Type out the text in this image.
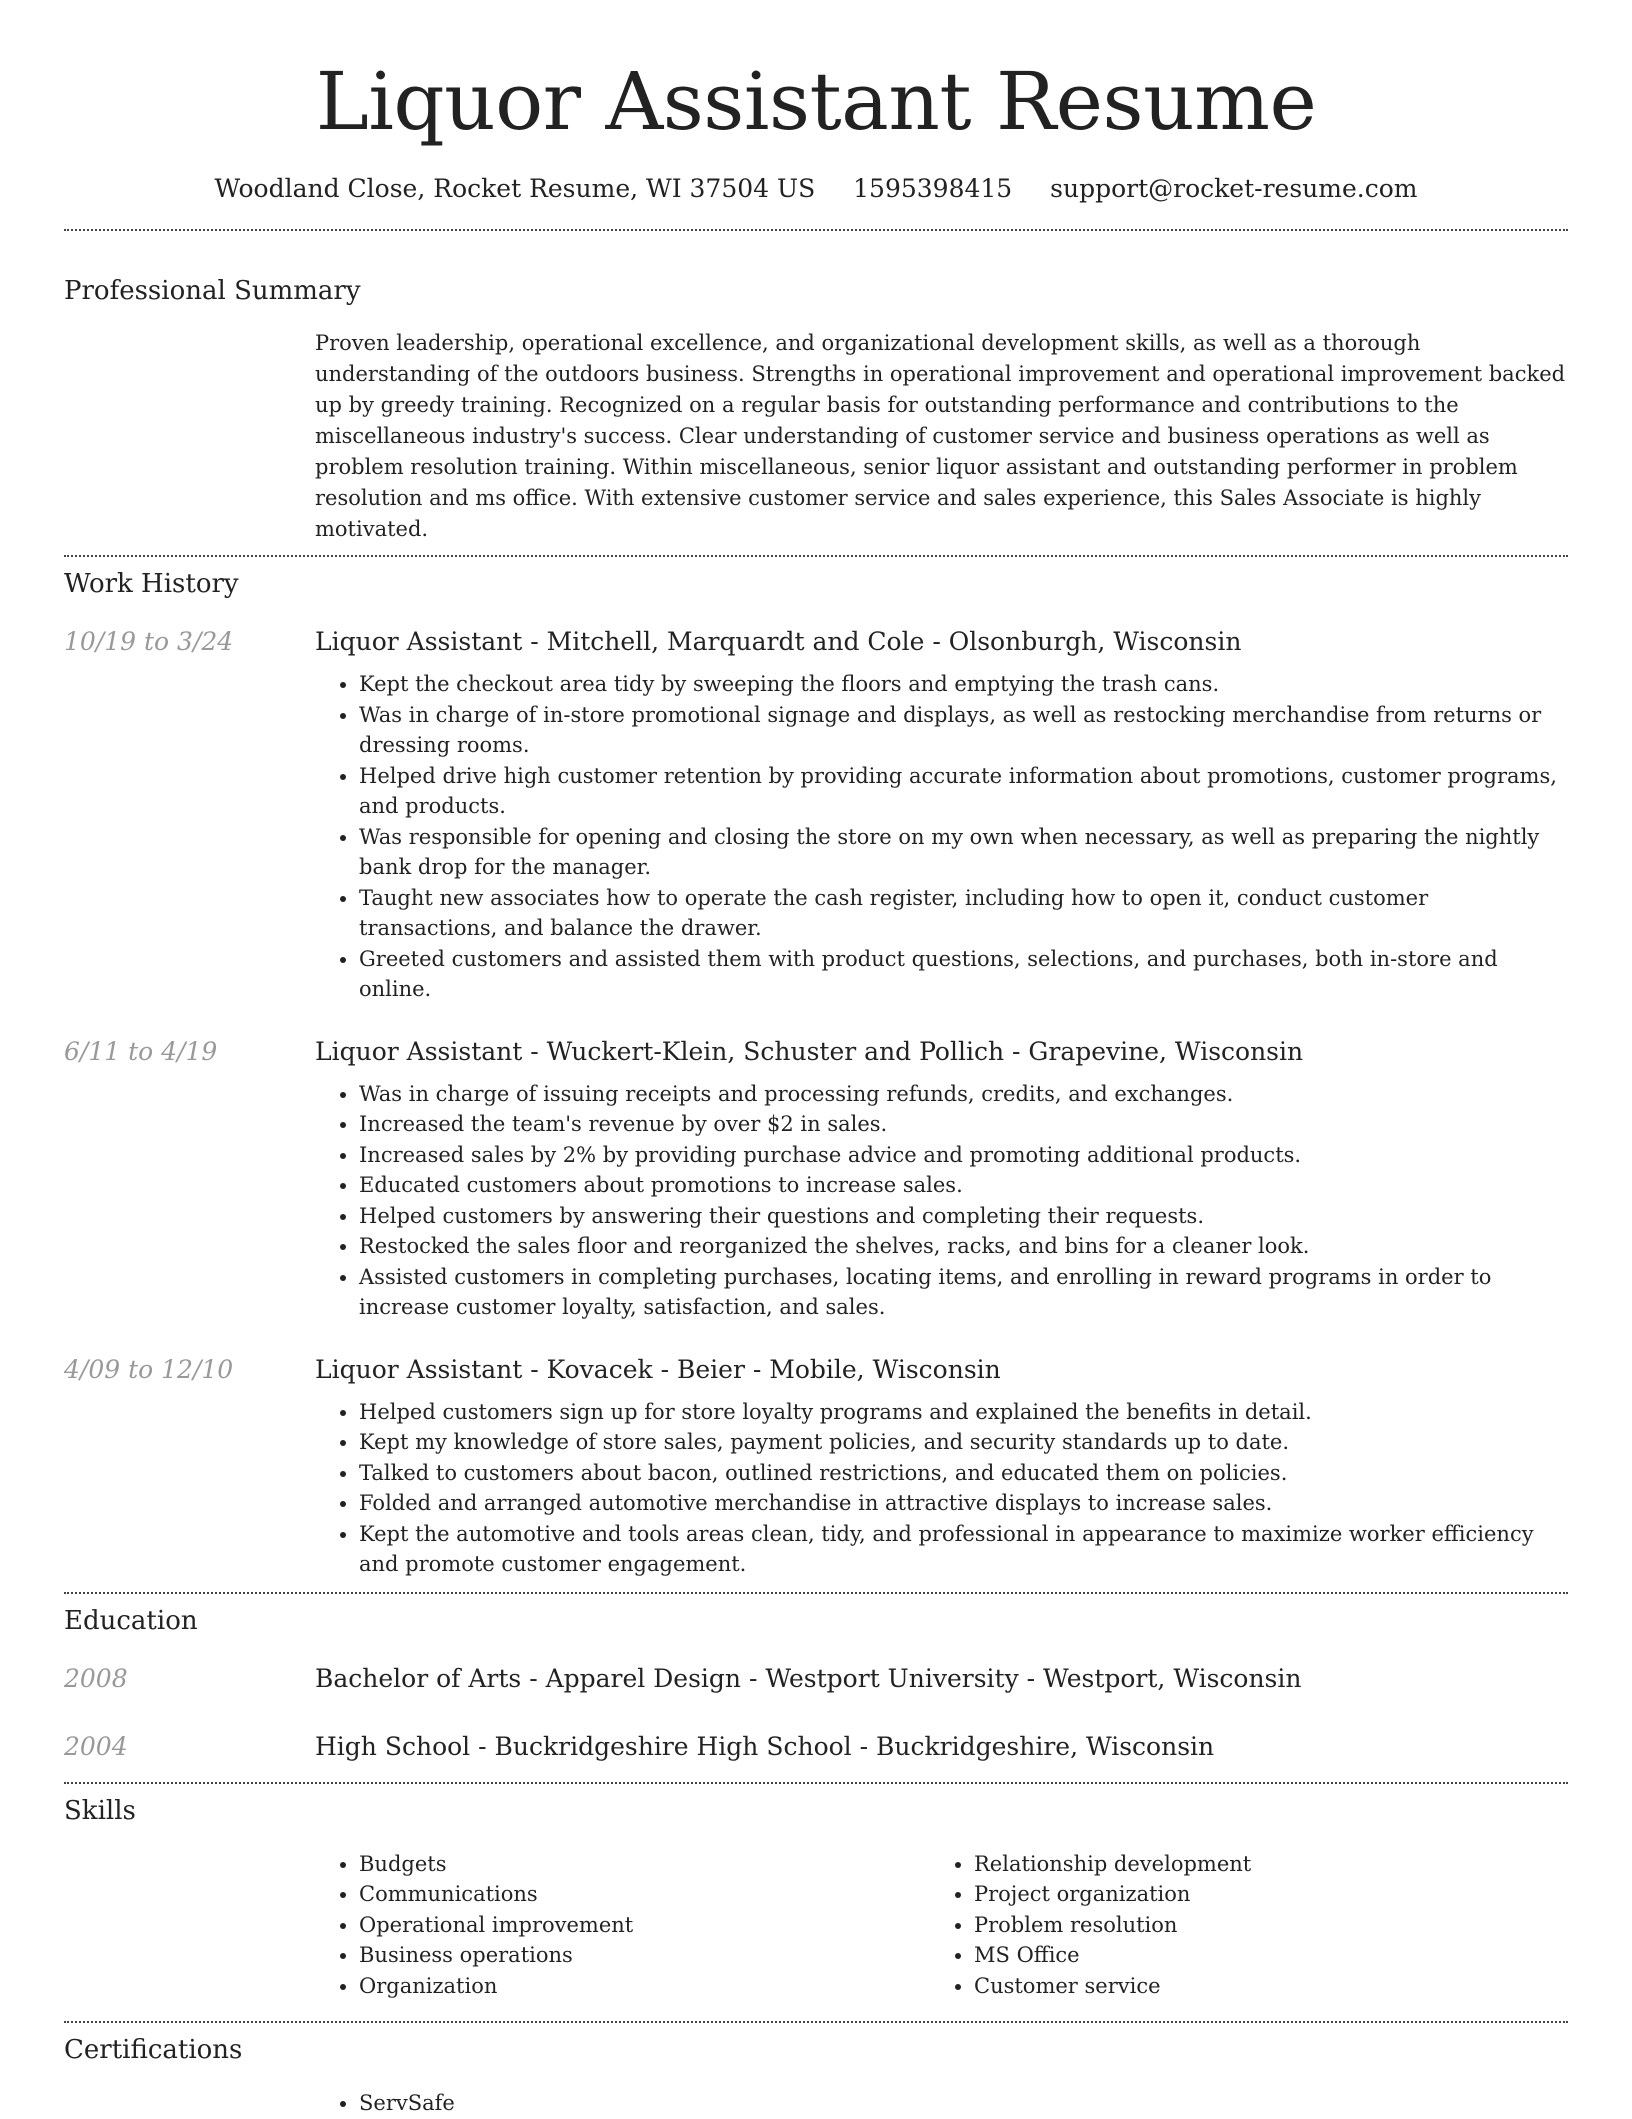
Liquor Assistant Resume
Woodland Close, Rocket Resume, WI 37504 US 1595398415 support@rocket-resume.com
Professional Summary

Proven leadership, operational excellence, and organizational development skills, as well as a thorough understanding of the outdoors business. Strengths in operational improvement and operational improvement backed up by greedy training. Recognized on a regular basis for outstanding performance and contributions to the miscellaneous industry's success. Clear understanding of customer service and business operations as well as problem resolution training. Within miscellaneous, senior liquor assistant and outstanding performer in problem resolution and ms office. With extensive customer service and sales experience, this Sales Associate is highly motivated.

Work History
10/19 to 3/24	Liquor Assistant - Mitchell, Marquardt and Cole - Olsonburgh, Wisconsin
• Kept the checkout area tidy by sweeping the floors and emptying the trash cans.
• Was in charge of in-store promotional signage and displays, as well as restocking merchandise from returns or dressing rooms.
• Helped drive high customer retention by providing accurate information about promotions, customer programs, and products.
• Was responsible for opening and closing the store on my own when necessary, as well as preparing the nightly bank drop for the manager.
• Taught new associates how to operate the cash register, including how to open it, conduct customer transactions, and balance the drawer.
• Greeted customers and assisted them with product questions, selections, and purchases, both in-store and online.
6/11 to 4/19	Liquor Assistant - Wuckert-Klein, Schuster and Pollich - Grapevine, Wisconsin
• Was in charge of issuing receipts and processing refunds, credits, and exchanges.
• Increased the team's revenue by over $2 in sales.
• Increased sales by 2% by providing purchase advice and promoting additional products.
• Educated customers about promotions to increase sales.
• Helped customers by answering their questions and completing their requests.
• Restocked the sales floor and reorganized the shelves, racks, and bins for a cleaner look.
• Assisted customers in completing purchases, locating items, and enrolling in reward programs in order to increase customer loyalty, satisfaction, and sales.
4/09 to 12/10	Liquor Assistant - Kovacek - Beier - Mobile, Wisconsin
• Helped customers sign up for store loyalty programs and explained the benefits in detail.
• Kept my knowledge of store sales, payment policies, and security standards up to date.
• Talked to customers about bacon, outlined restrictions, and educated them on policies.
• Folded and arranged automotive merchandise in attractive displays to increase sales.
• Kept the automotive and tools areas clean, tidy, and professional in appearance to maximize worker efficiency and promote customer engagement.
Education
2008	Bachelor of Arts - Apparel Design - Westport University - Westport, Wisconsin
2004	High School - Buckridgeshire High School - Buckridgeshire, Wisconsin
Skills
• Budgets
• Communications
• Operational improvement
• Business operations
• Organization
• Relationship development
• Project organization
• Problem resolution
• MS Office
• Customer service
Certifications
• ServSafe
